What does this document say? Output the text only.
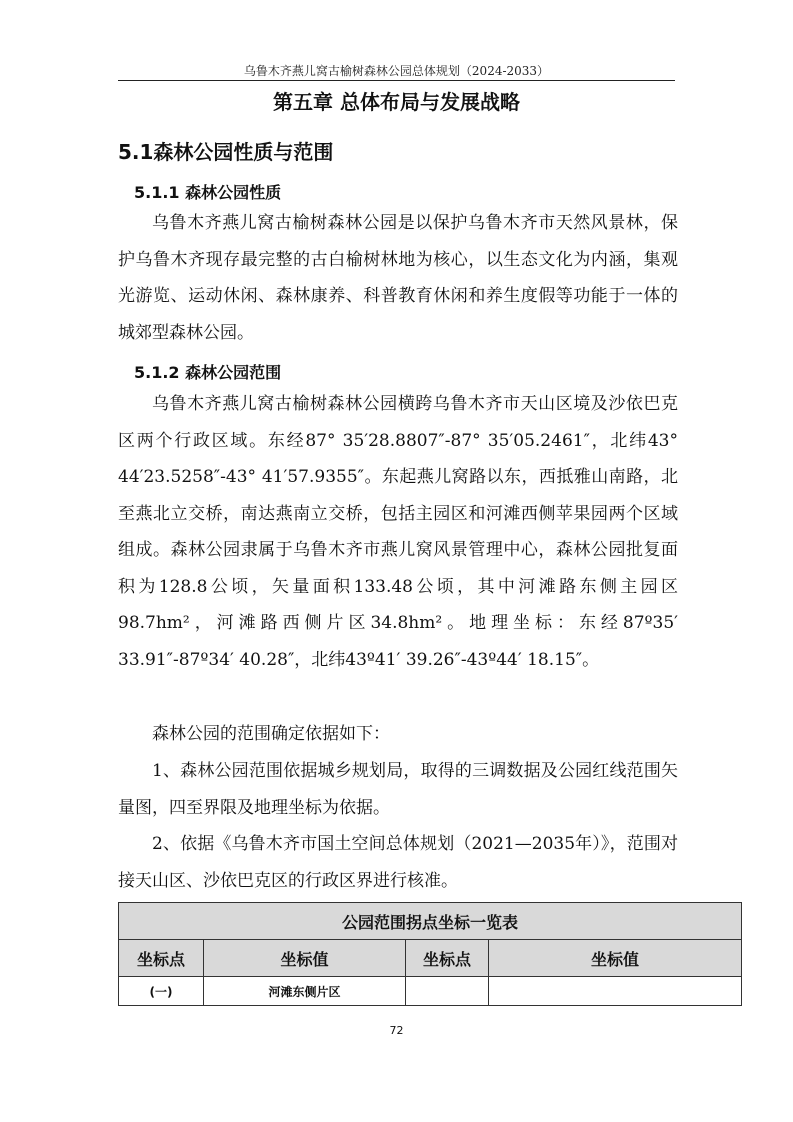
乌鲁木齐燕儿窝古榆树森林公园总体规划（2024-2033）
第五章 总体布局与发展战略
5.1森林公园性质与范围
5.1.1 森林公园性质

乌鲁木齐燕儿窝古榆树森林公园是以保护乌鲁木齐市天然风景林，保护乌鲁木齐现存最完整的古白榆树林地为核心，以生态文化为内涵，集观光游览、运动休闲、森林康养、科普教育休闲和养生度假等功能于一体的城郊型森林公园。

5.1.2 森林公园范围

乌鲁木齐燕儿窝古榆树森林公园横跨乌鲁木齐市天山区境及沙依巴克区两个行政区域。东经87° 35′28.8807″-87° 35′05.2461″，北纬43° 44′23.5258″-43° 41′57.9355″。东起燕儿窝路以东，西抵雅山南路，北至燕北立交桥，南达燕南立交桥，包括主园区和河滩西侧苹果园两个区域组成。森林公园隶属于乌鲁木齐市燕儿窝风景管理中心，森林公园批复面积为128.8公顷，矢量面积133.48公顷，其中河滩路东侧主园区98.7hm²，河滩路西侧片区34.8hm²。地理坐标：东经87º35′ 33.91″-87º34′ 40.28″，北纬43º41′ 39.26″-43º44′ 18.15″。

森林公园的范围确定依据如下：

1、森林公园范围依据城乡规划局，取得的三调数据及公园红线范围矢量图，四至界限及地理坐标为依据。

2、依据《乌鲁木齐市国土空间总体规划（2021—2035年）》，范围对接天山区、沙依巴克区的行政区界进行核准。

公园范围拐点坐标一览表			
坐标点	坐标值	坐标点	坐标值
(一)	河滩东侧片区		
72
